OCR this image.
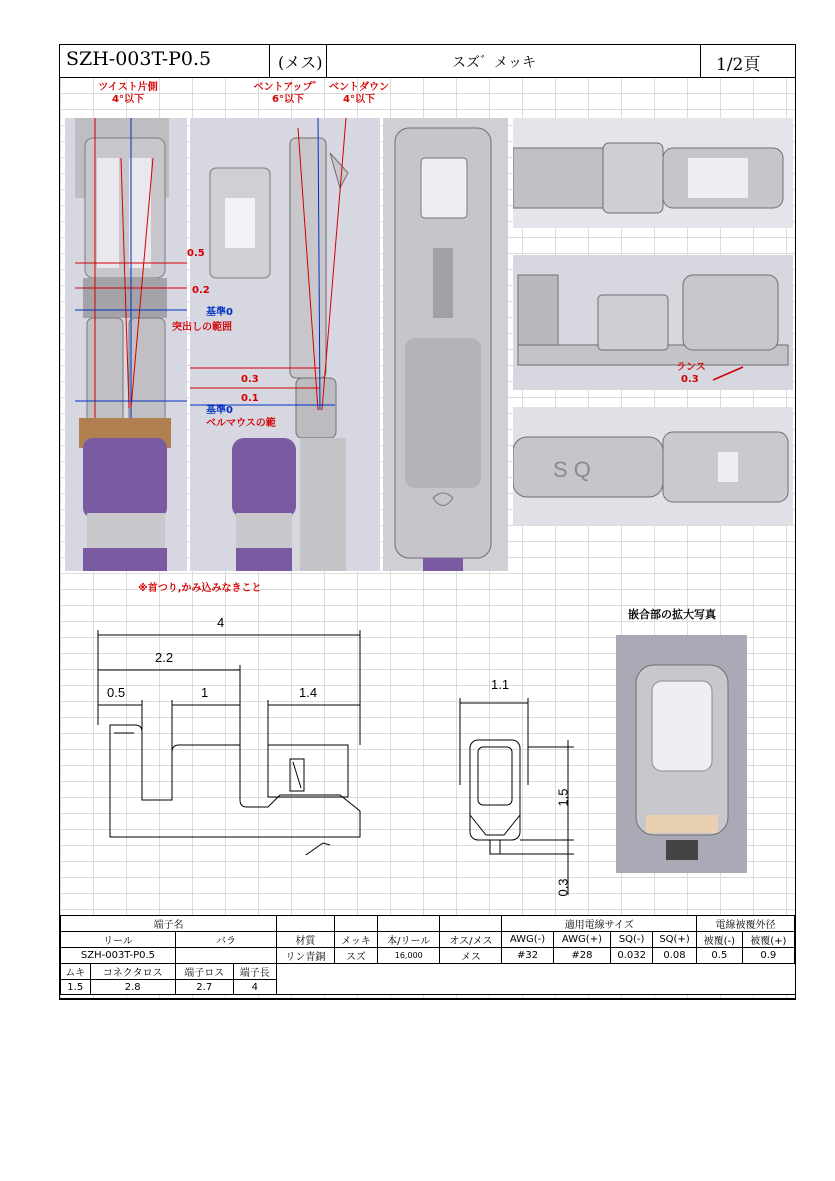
SZH-003T-P0.5	(メス)	スズ゛メッキ	1/2頁
ツイスト片側
4°以下
ベントアップ゛
6°以下
ベントダウン
4°以下
ランス
0.3
S Q
0.5
0.2
基準0
突出しの範囲
0.3
0.1
基準0
ベルマウスの範
※首つり,かみ込みなきこと
4
2.2
0.5	1	1.4
1.1
1.5
0.3
嵌合部の拡大写真
端子名								適用電線サイズ				電線被覆外径	
リール		バラ		材質	メッキ	本/リール	オス/メス	AWG(-)	AWG(+)	SQ(-)	SQ(+)	被覆(-)	被覆(+)
SZH-003T-P0.5				リン青銅	スズ	16,000	メス	#32	#28	0.032	0.08	0.5	0.9
ムキ	コネクタロス	端子ロス	端子長										
1.5	2.8	2.7	4										
